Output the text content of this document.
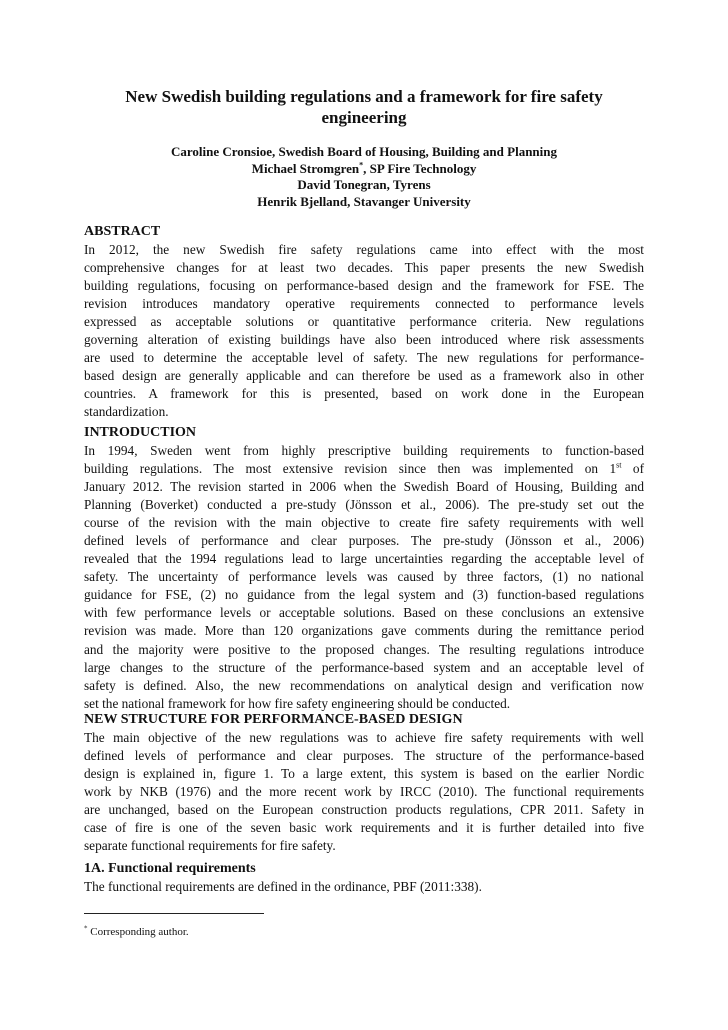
New Swedish building regulations and a framework for fire safety
engineering
Caroline Cronsioe, Swedish Board of Housing, Building and Planning
Michael Stromgren*, SP Fire Technology
David Tonegran, Tyrens
Henrik Bjelland, Stavanger University
ABSTRACT
In 2012, the new Swedish fire safety regulations came into effect with the most
comprehensive changes for at least two decades. This paper presents the new Swedish
building regulations, focusing on performance-based design and the framework for FSE. The
revision introduces mandatory operative requirements connected to performance levels
expressed as acceptable solutions or quantitative performance criteria. New regulations
governing alteration of existing buildings have also been introduced where risk assessments
are used to determine the acceptable level of safety. The new regulations for performance-
based design are generally applicable and can therefore be used as a framework also in other
countries. A framework for this is presented, based on work done in the European
standardization.
INTRODUCTION
In 1994, Sweden went from highly prescriptive building requirements to function-based
building regulations. The most extensive revision since then was implemented on 1st of
January 2012. The revision started in 2006 when the Swedish Board of Housing, Building and
Planning (Boverket) conducted a pre-study (Jönsson et al., 2006). The pre-study set out the
course of the revision with the main objective to create fire safety requirements with well
defined levels of performance and clear purposes. The pre-study (Jönsson et al., 2006)
revealed that the 1994 regulations lead to large uncertainties regarding the acceptable level of
safety. The uncertainty of performance levels was caused by three factors, (1) no national
guidance for FSE, (2) no guidance from the legal system and (3) function-based regulations
with few performance levels or acceptable solutions. Based on these conclusions an extensive
revision was made. More than 120 organizations gave comments during the remittance period
and the majority were positive to the proposed changes. The resulting regulations introduce
large changes to the structure of the performance-based system and an acceptable level of
safety is defined. Also, the new recommendations on analytical design and verification now
set the national framework for how fire safety engineering should be conducted.
NEW STRUCTURE FOR PERFORMANCE-BASED DESIGN
The main objective of the new regulations was to achieve fire safety requirements with well
defined levels of performance and clear purposes. The structure of the performance-based
design is explained in, figure 1. To a large extent, this system is based on the earlier Nordic
work by NKB (1976) and the more recent work by IRCC (2010). The functional requirements
are unchanged, based on the European construction products regulations, CPR 2011. Safety in
case of fire is one of the seven basic work requirements and it is further detailed into five
separate functional requirements for fire safety.
1A. Functional requirements
The functional requirements are defined in the ordinance, PBF (2011:338).
* Corresponding author.
